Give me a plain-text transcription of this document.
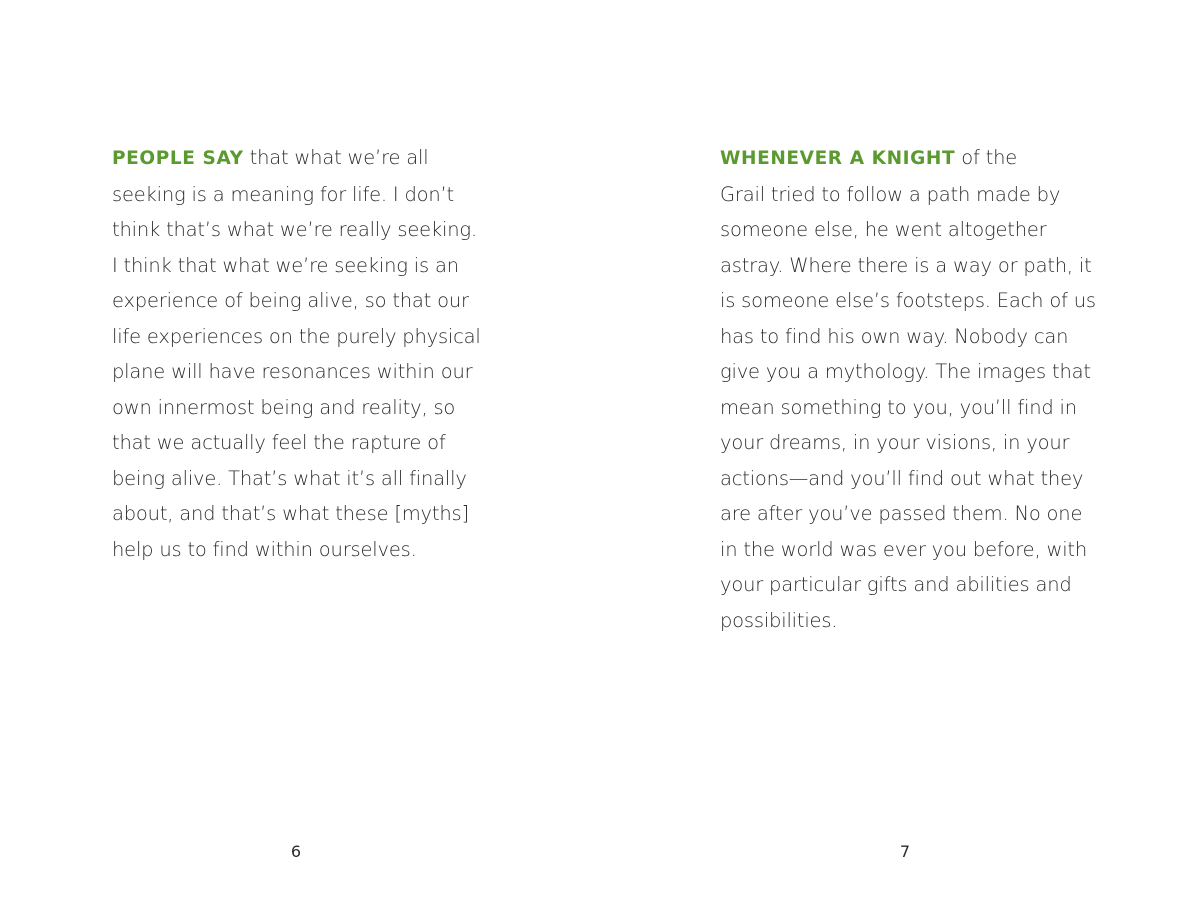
PEOPLE SAY that what we’re all
seeking is a meaning for life. I don’t
think that’s what we’re really seeking.
I think that what we’re seeking is an
experience of being alive, so that our
life experiences on the purely physical
plane will have resonances within our
own innermost being and reality, so
that we actually feel the rapture of
being alive. That’s what it’s all finally
about, and that’s what these [myths]
help us to find within ourselves.
6
WHENEVER A KNIGHT of the
Grail tried to follow a path made by
someone else, he went altogether
astray. Where there is a way or path, it
is someone else’s footsteps. Each of us
has to find his own way. Nobody can
give you a mythology. The images that
mean something to you, you’ll find in
your dreams, in your visions, in your
actions—and you’ll find out what they
are after you’ve passed them. No one
in the world was ever you before, with
your particular gifts and abilities and
possibilities.
7
